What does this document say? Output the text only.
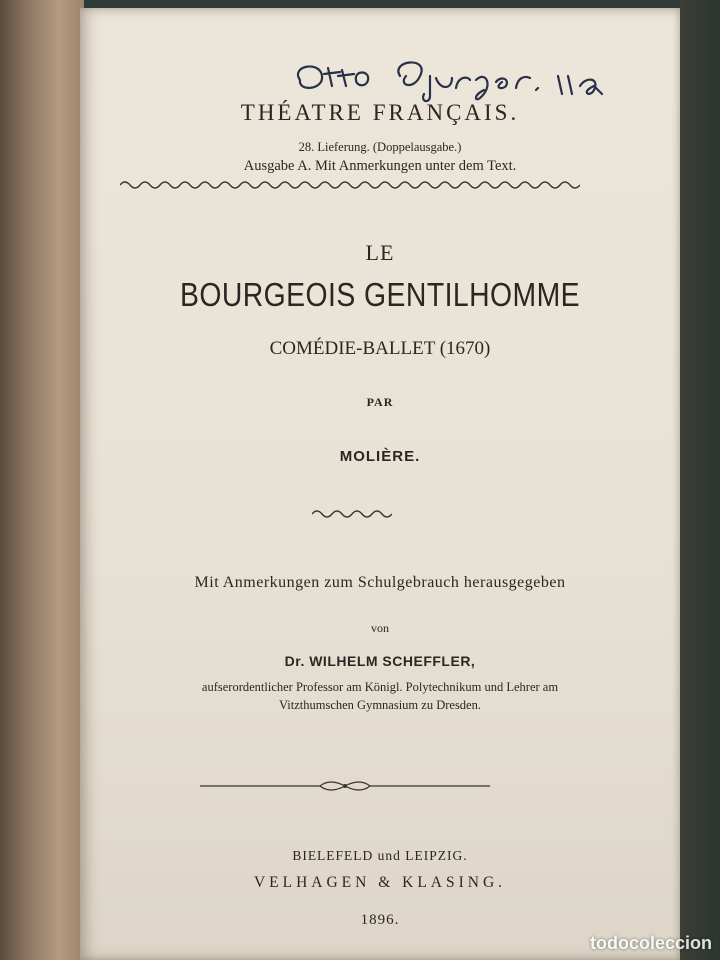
THÉATRE FRANÇAIS.
28. Lieferung. (Doppelausgabe.)
Ausgabe A. Mit Anmerkungen unter dem Text.
LE
BOURGEOIS GENTILHOMME
COMÉDIE-BALLET (1670)
PAR
MOLIÈRE.
Mit Anmerkungen zum Schulgebrauch herausgegeben
von
Dr. WILHELM SCHEFFLER,
aufserordentlicher Professor am Königl. Polytechnikum und Lehrer am
Vitzthumschen Gymnasium zu Dresden.
BIELEFELD und LEIPZIG.
VELHAGEN & KLASING.
1896.
todocoleccion
